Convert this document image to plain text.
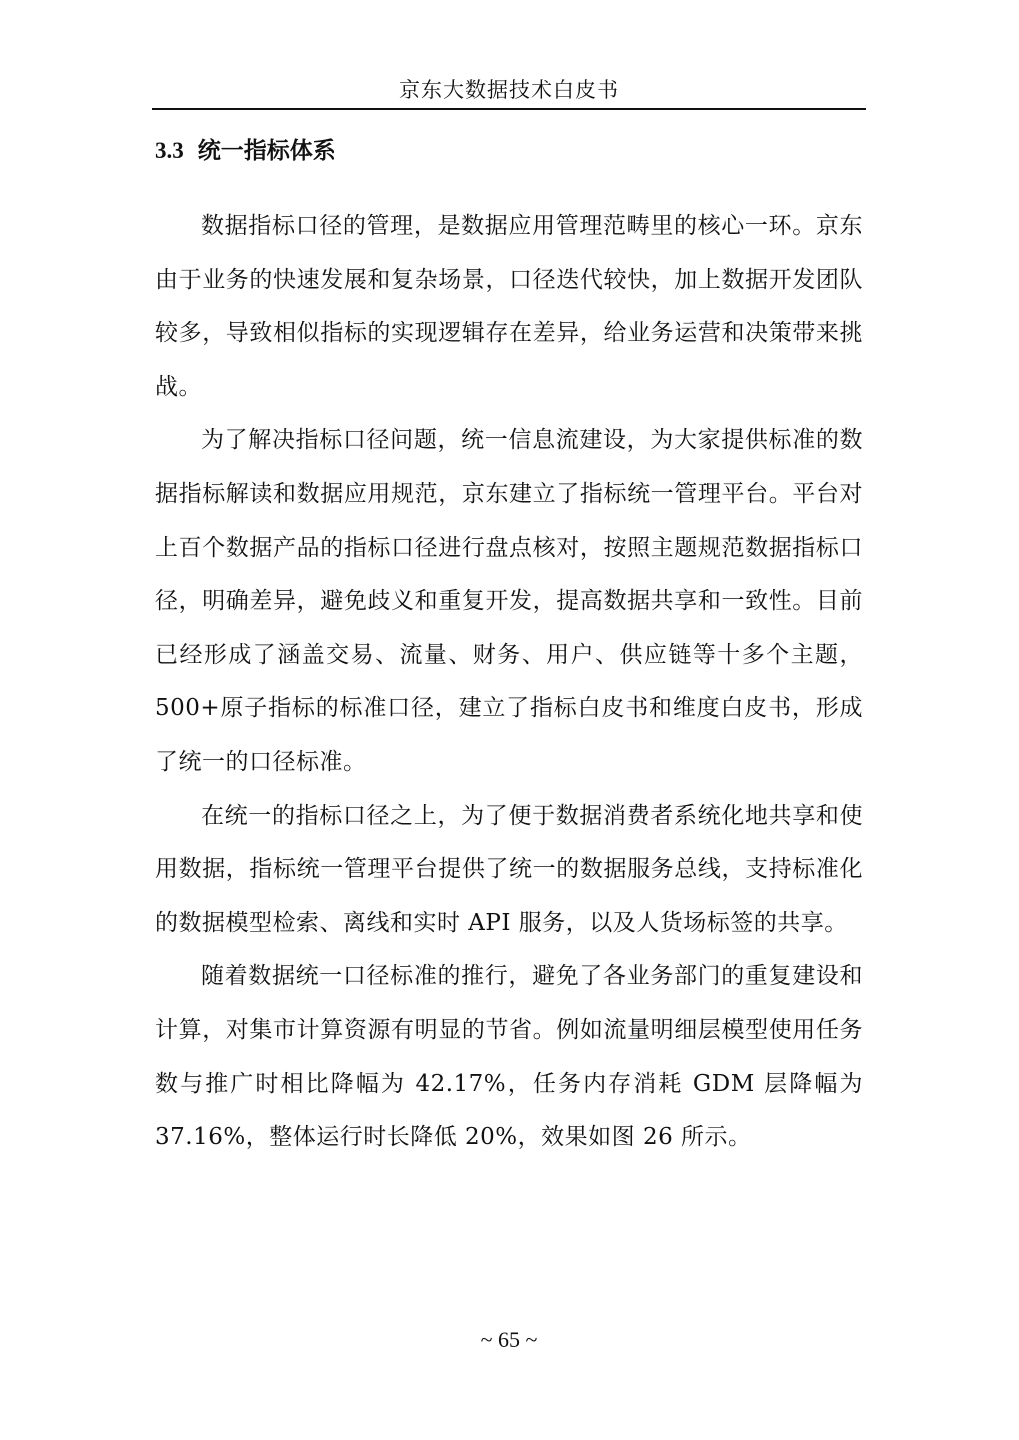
京东大数据技术白皮书
3.3 统一指标体系

数据指标口径的管理，是数据应用管理范畴里的核心一环。京东由于业务的快速发展和复杂场景，口径迭代较快，加上数据开发团队较多，导致相似指标的实现逻辑存在差异，给业务运营和决策带来挑战。

为了解决指标口径问题，统一信息流建设，为大家提供标准的数据指标解读和数据应用规范，京东建立了指标统一管理平台。平台对上百个数据产品的指标口径进行盘点核对，按照主题规范数据指标口径，明确差异，避免歧义和重复开发，提高数据共享和一致性。目前已经形成了涵盖交易、流量、财务、用户、供应链等十多个主题，500+原子指标的标准口径，建立了指标白皮书和维度白皮书，形成了统一的口径标准。

在统一的指标口径之上，为了便于数据消费者系统化地共享和使用数据，指标统一管理平台提供了统一的数据服务总线，支持标准化的数据模型检索、离线和实时 API 服务，以及人货场标签的共享。

随着数据统一口径标准的推行，避免了各业务部门的重复建设和计算，对集市计算资源有明显的节省。例如流量明细层模型使用任务数与推广时相比降幅为 42.17%，任务内存消耗 GDM 层降幅为 37.16%，整体运行时长降低 20%，效果如图 26 所示。

~ 65 ~
